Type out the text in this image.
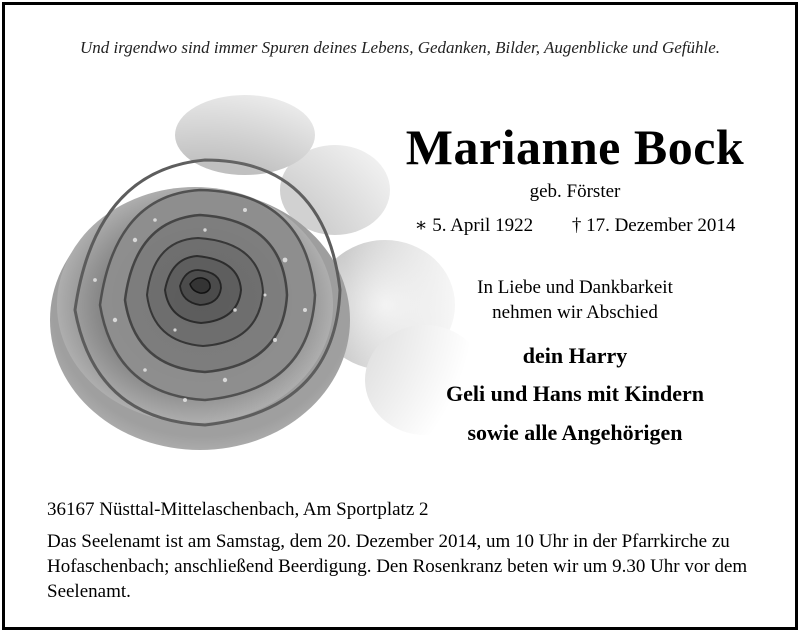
Und irgendwo sind immer Spuren deines Lebens, Gedanken, Bilder, Augenblicke und Gefühle.
Marianne Bock
geb. Förster
∗ 5. April 1922 † 17. Dezember 2014
In Liebe und Dankbarkeit
nehmen wir Abschied
dein Harry
Geli und Hans mit Kindern
sowie alle Angehörigen
36167 Nüsttal-Mittelaschenbach, Am Sportplatz 2

Das Seelenamt ist am Samstag, dem 20. Dezember 2014, um 10 Uhr in der Pfarrkirche zu Hofaschenbach; anschließend Beerdigung. Den Rosenkranz beten wir um 9.30 Uhr vor dem Seelenamt.
